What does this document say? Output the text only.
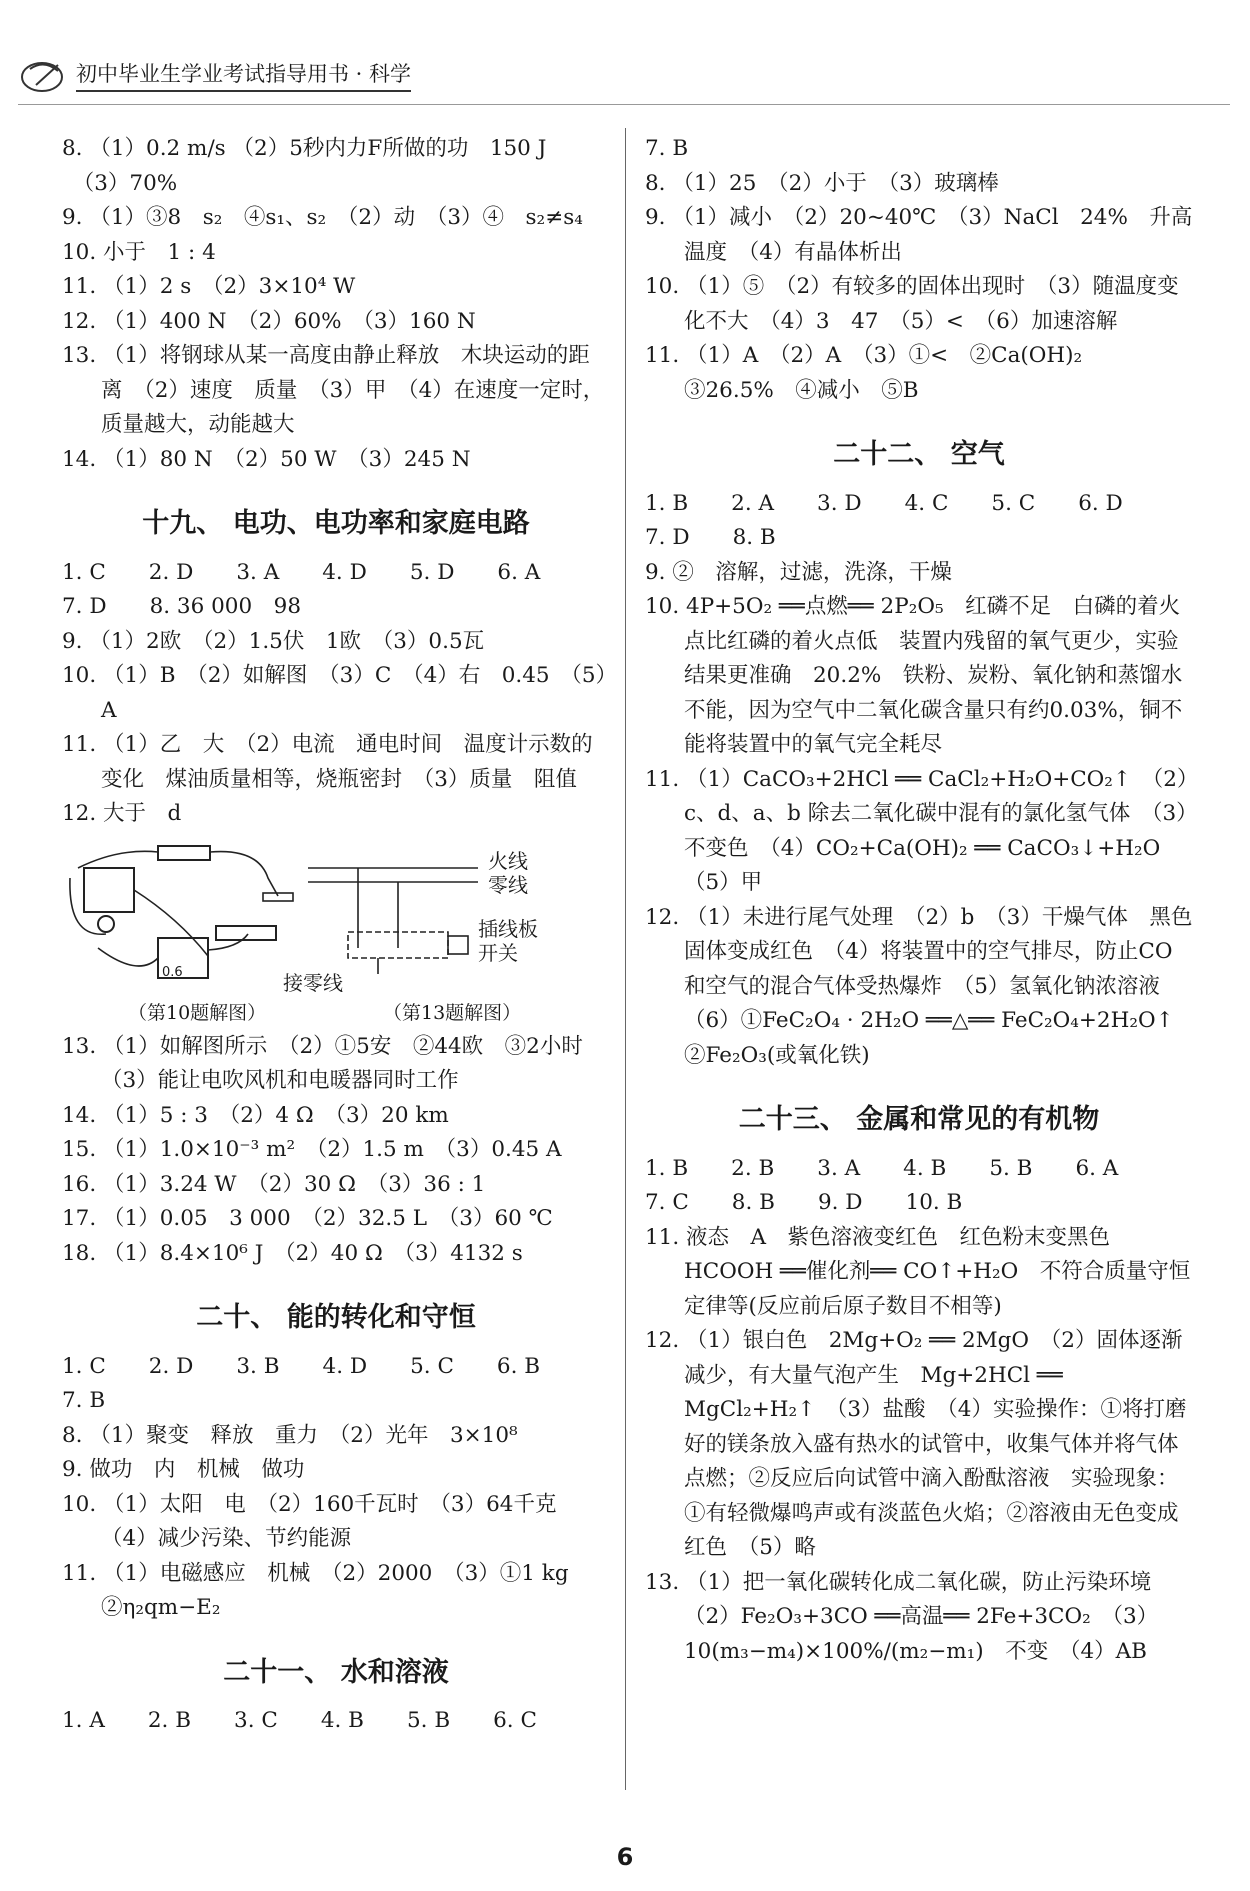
初中毕业生学业考试指导用书 · 科学
8. （1）0.2 m/s （2）5秒内力F所做的功　150 J
　（3）70%
9. （1）③8　s₂　④s₁、s₂　（2）动　（3）④　s₂≠s₄
10. 小于　1 : 4
11. （1）2 s　（2）3×10⁴ W
12. （1）400 N　（2）60%　（3）160 N
13. （1）将钢球从某一高度由静止释放　木块运动的距离　（2）速度　质量　（3）甲　（4）在速度一定时，质量越大，动能越大
14. （1）80 N　（2）50 W　（3）245 N
十九、 电功、电功率和家庭电路
1. C　　2. D　　3. A　　4. D　　5. D　　6. A
7. D　　8. 36 000　98
9. （1）2欧　（2）1.5伏　1欧　（3）0.5瓦
10. （1）B　（2）如解图　（3）C　（4）右　0.45　（5）A
11. （1）乙　大　（2）电流　通电时间　温度计示数的变化　煤油质量相等，烧瓶密封　（3）质量　阻值
12. 大于　d
火线
零线
插线板
开关
接零线
0.6
（第10题解图）	（第13题解图）
13. （1）如解图所示　（2）①5安　②44欧　③2小时　（3）能让电吹风机和电暖器同时工作
14. （1）5 : 3　（2）4 Ω　（3）20 km
15. （1）1.0×10⁻³ m²　（2）1.5 m　（3）0.45 A
16. （1）3.24 W　（2）30 Ω　（3）36 : 1
17. （1）0.05　3 000　（2）32.5 L　（3）60 ℃
18. （1）8.4×10⁶ J　（2）40 Ω　（3）4132 s
二十、 能的转化和守恒
1. C　　2. D　　3. B　　4. D　　5. C　　6. B
7. B
8. （1）聚变　释放　重力　（2）光年　3×10⁸
9. 做功　内　机械　做功
10. （1）太阳　电　（2）160千瓦时　（3）64千克　（4）减少污染、节约能源
11. （1）电磁感应　机械　（2）2000　（3）①1 kg　②η₂qm−E₂
二十一、 水和溶液
1. A　　2. B　　3. C　　4. B　　5. B　　6. C
7. B
8. （1）25　（2）小于　（3）玻璃棒
9. （1）减小　（2）20~40℃　（3）NaCl　24%　升高温度　（4）有晶体析出
10. （1）⑤　（2）有较多的固体出现时　（3）随温度变化不大　（4）3　47　（5）<　（6）加速溶解
11. （1）A　（2）A　（3）①<　②Ca(OH)₂　③26.5%　④减小　⑤B
二十二、 空气
1. B　　2. A　　3. D　　4. C　　5. C　　6. D
7. D　　8. B
9. ②　溶解，过滤，洗涤，干燥
10. 4P+5O₂ ══点燃══ 2P₂O₅　红磷不足　白磷的着火点比红磷的着火点低　装置内残留的氧气更少，实验结果更准确　20.2%　铁粉、炭粉、氧化钠和蒸馏水　不能，因为空气中二氧化碳含量只有约0.03%，铜不能将装置中的氧气完全耗尽
11. （1）CaCO₃+2HCl ══ CaCl₂+H₂O+CO₂↑　（2）c、d、a、b 除去二氧化碳中混有的氯化氢气体　（3）不变色　（4）CO₂+Ca(OH)₂ ══ CaCO₃↓+H₂O　（5）甲
12. （1）未进行尾气处理　（2）b　（3）干燥气体　黑色固体变成红色　（4）将装置中的空气排尽，防止CO和空气的混合气体受热爆炸　（5）氢氧化钠浓溶液　（6）①FeC₂O₄ · 2H₂O ══△══ FeC₂O₄+2H₂O↑　②Fe₂O₃(或氧化铁)
二十三、 金属和常见的有机物
1. B　　2. B　　3. A　　4. B　　5. B　　6. A
7. C　　8. B　　9. D　　10. B
11. 液态　A　紫色溶液变红色　红色粉末变黑色　HCOOH ══催化剂══ CO↑+H₂O　不符合质量守恒定律等(反应前后原子数目不相等)
12. （1）银白色　2Mg+O₂ ══ 2MgO　（2）固体逐渐减少，有大量气泡产生　Mg+2HCl ══ MgCl₂+H₂↑　（3）盐酸　（4）实验操作：①将打磨好的镁条放入盛有热水的试管中，收集气体并将气体点燃；②反应后向试管中滴入酚酞溶液　实验现象：①有轻微爆鸣声或有淡蓝色火焰；②溶液由无色变成红色　（5）略
13. （1）把一氧化碳转化成二氧化碳，防止污染环境　（2）Fe₂O₃+3CO ══高温══ 2Fe+3CO₂　（3）10(m₃−m₄)×100%/(m₂−m₁)　不变　（4）AB
6
